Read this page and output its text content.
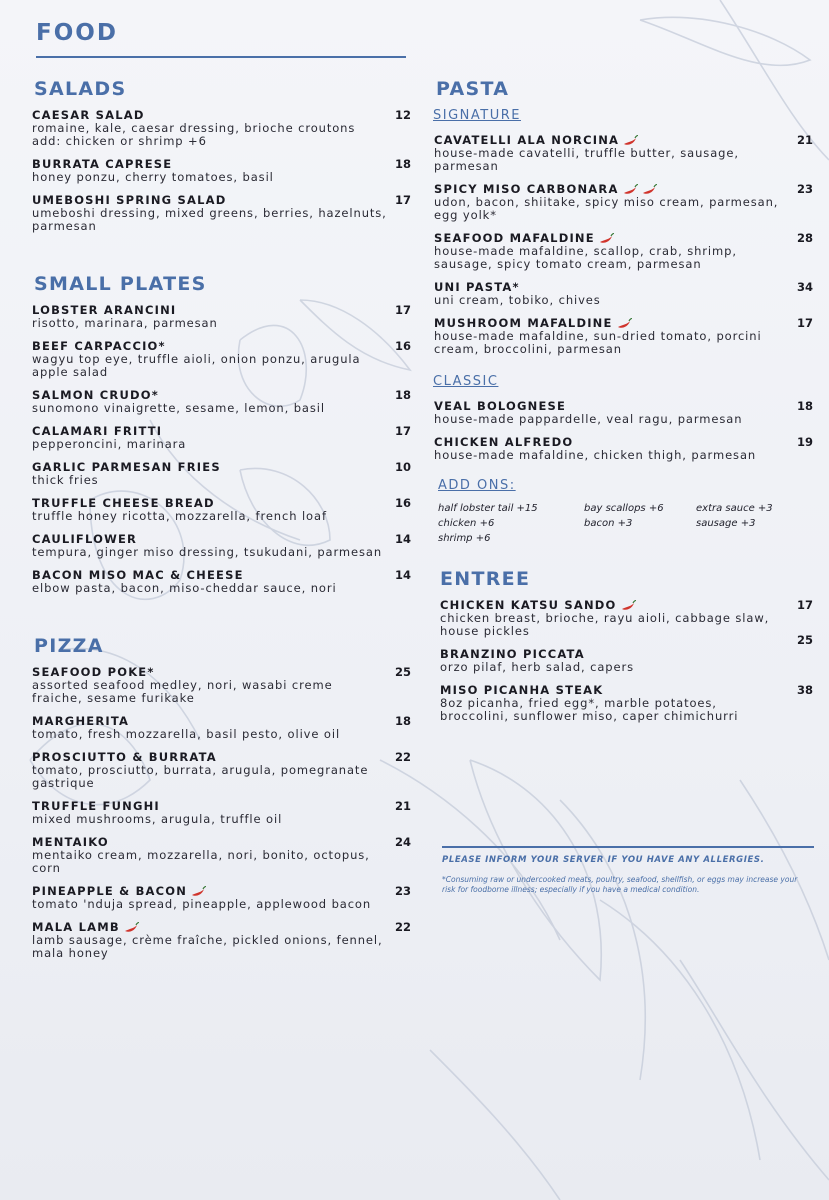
FOOD
SALADS
CAESAR SALAD
romaine, kale, caesar dressing, brioche croutons
add: chicken or shrimp +6
12
BURRATA CAPRESE
honey ponzu, cherry tomatoes, basil
18
UMEBOSHI SPRING SALAD
umeboshi dressing, mixed greens, berries, hazelnuts, parmesan
17
SMALL PLATES
LOBSTER ARANCINI
risotto, marinara, parmesan
17
BEEF CARPACCIO*
wagyu top eye, truffle aioli, onion ponzu, arugula apple salad
16
SALMON CRUDO*
sunomono vinaigrette, sesame, lemon, basil
18
CALAMARI FRITTI
pepperoncini, marinara
17
GARLIC PARMESAN FRIES
thick fries
10
TRUFFLE CHEESE BREAD
truffle honey ricotta, mozzarella, french loaf
16
CAULIFLOWER
tempura, ginger miso dressing, tsukudani, parmesan
14
BACON MISO MAC & CHEESE
elbow pasta, bacon, miso-cheddar sauce, nori
14
PIZZA
SEAFOOD POKE*
assorted seafood medley, nori, wasabi creme fraiche, sesame furikake
25
MARGHERITA
tomato, fresh mozzarella, basil pesto, olive oil
18
PROSCIUTTO & BURRATA
tomato, prosciutto, burrata, arugula, pomegranate gastrique
22
TRUFFLE FUNGHI
mixed mushrooms, arugula, truffle oil
21
MENTAIKO
mentaiko cream, mozzarella, nori, bonito, octopus, corn
24
PINEAPPLE & BACON
tomato 'nduja spread, pineapple, applewood bacon
23
MALA LAMB
lamb sausage, crème fraîche, pickled onions, fennel, mala honey
22
PASTA
SIGNATURE
CAVATELLI ALA NORCINA
house-made cavatelli, truffle butter, sausage, parmesan
21
SPICY MISO CARBONARA
udon, bacon, shiitake, spicy miso cream, parmesan, egg yolk*
23
SEAFOOD MAFALDINE
house-made mafaldine, scallop, crab, shrimp, sausage, spicy tomato cream, parmesan
28
UNI PASTA*
uni cream, tobiko, chives
34
MUSHROOM MAFALDINE
house-made mafaldine, sun-dried tomato, porcini cream, broccolini, parmesan
17
CLASSIC
VEAL BOLOGNESE
house-made pappardelle, veal ragu, parmesan
18
CHICKEN ALFREDO
house-made mafaldine, chicken thigh, parmesan
19
ADD ONS:
half lobster tail +15	bay scallops +6	extra sauce +3
chicken +6	bacon +3	sausage +3
shrimp +6
ENTREE
CHICKEN KATSU SANDO
chicken breast, brioche, rayu aioli, cabbage slaw, house pickles
17
BRANZINO PICCATA
orzo pilaf, herb salad, capers
25
MISO PICANHA STEAK
8oz picanha, fried egg*, marble potatoes, broccolini, sunflower miso, caper chimichurri
38
PLEASE INFORM YOUR SERVER IF YOU HAVE ANY ALLERGIES.
*Consuming raw or undercooked meats, poultry, seafood, shellfish, or eggs may increase your risk for foodborne illness; especially if you have a medical condition.
